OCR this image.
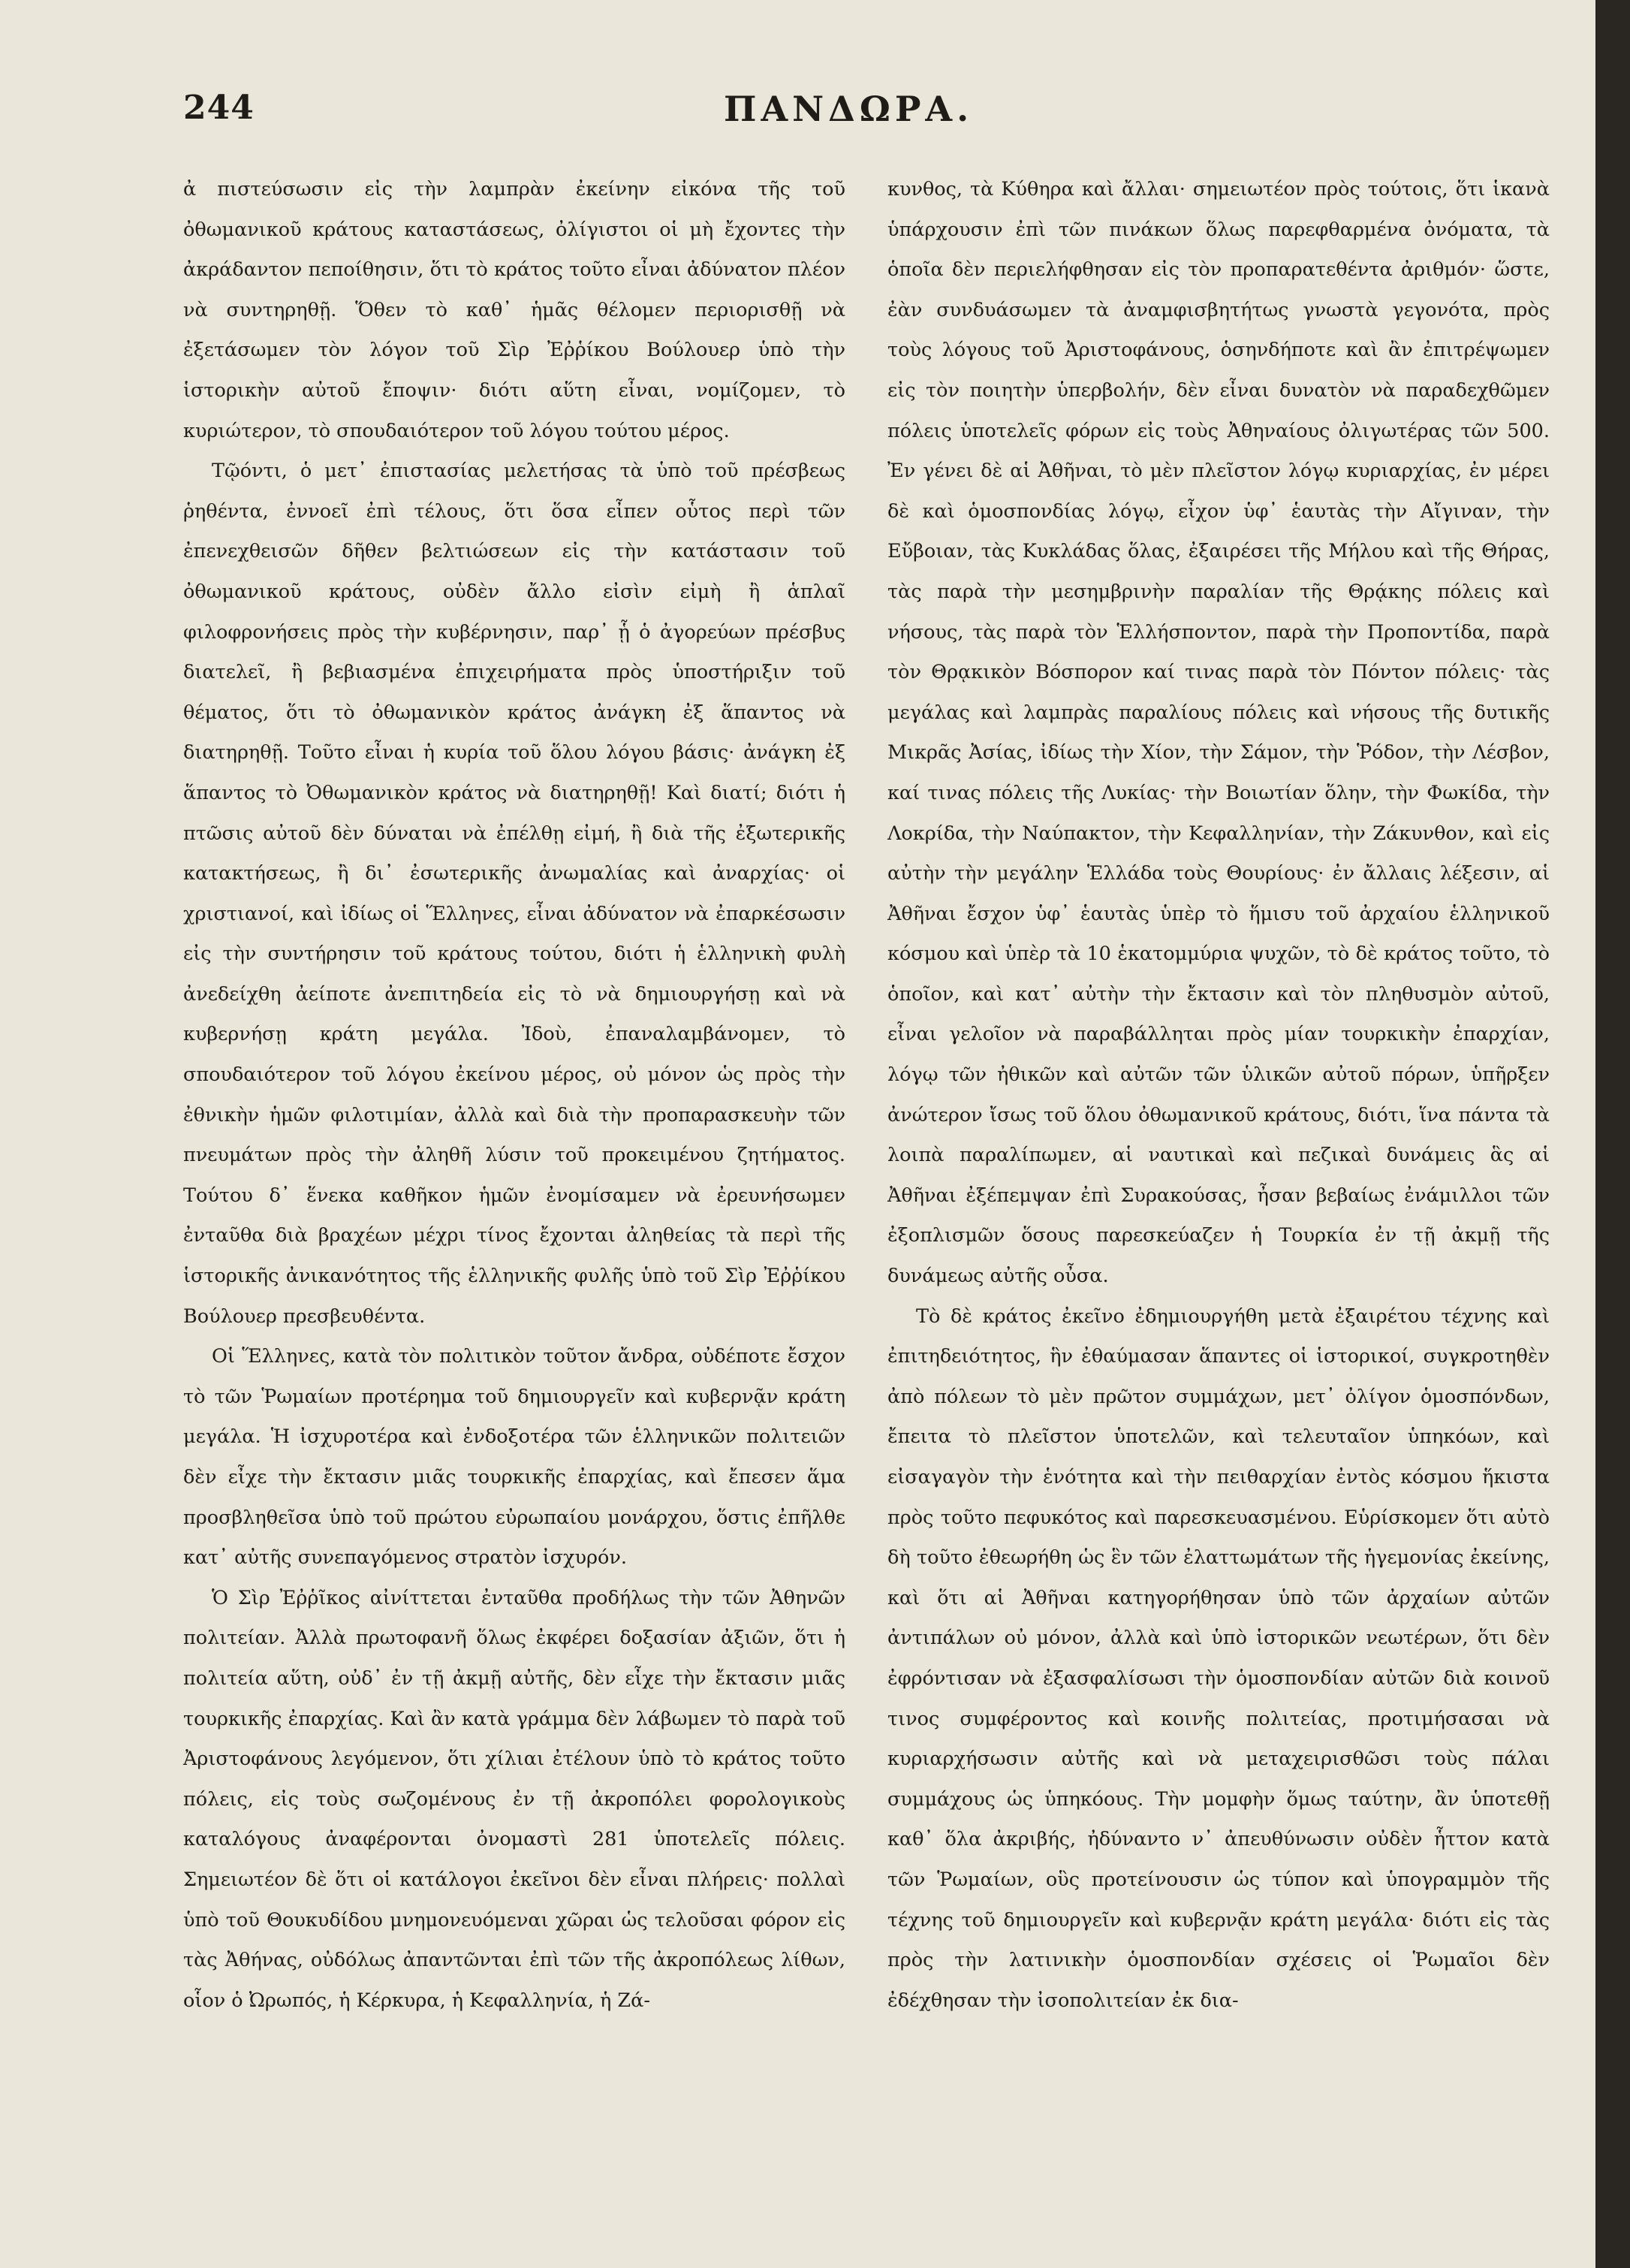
244	ΠΑΝΔΩΡΑ.

ἀ πιστεύσωσιν εἰς τὴν λαμπρὰν ἐκείνην εἰκόνα τῆς τοῦ ὀθωμανικοῦ κράτους καταστάσεως, ὀλίγιστοι οἱ μὴ ἔχοντες τὴν ἀκράδαντον πεποίθησιν, ὅτι τὸ κράτος τοῦτο εἶναι ἀδύνατον πλέον νὰ συντηρηθῇ. Ὅθεν τὸ καθ᾿ ἡμᾶς θέλομεν περιορισθῇ νὰ ἐξετάσωμεν τὸν λόγον τοῦ Σὶρ Ἐῤῥίκου Βούλουερ ὑπὸ τὴν ἱστορικὴν αὐτοῦ ἔποψιν· διότι αὕτη εἶναι, νομίζομεν, τὸ κυριώτερον, τὸ σπουδαιότερον τοῦ λόγου τούτου μέρος.

Τῷόντι, ὁ μετ᾿ ἐπιστασίας μελετήσας τὰ ὑπὸ τοῦ πρέσβεως ῥηθέντα, ἐννοεῖ ἐπὶ τέλους, ὅτι ὅσα εἶπεν οὗτος περὶ τῶν ἐπενεχθεισῶν δῆθεν βελτιώσεων εἰς τὴν κατάστασιν τοῦ ὀθωμανικοῦ κράτους, οὐδὲν ἄλλο εἰσὶν εἰμὴ ἢ ἁπλαῖ φιλοφρονήσεις πρὸς τὴν κυβέρνησιν, παρ᾿ ᾗ ὁ ἀγορεύων πρέσβυς διατελεῖ, ἢ βεβιασμένα ἐπιχειρήματα πρὸς ὑποστήριξιν τοῦ θέματος, ὅτι τὸ ὀθωμανικὸν κράτος ἀνάγκη ἐξ ἅπαντος νὰ διατηρηθῇ. Τοῦτο εἶναι ἡ κυρία τοῦ ὅλου λόγου βάσις· ἀνάγκη ἐξ ἅπαντος τὸ Ὀθωμανικὸν κράτος νὰ διατηρηθῇ! Καὶ διατί; διότι ἡ πτῶσις αὐτοῦ δὲν δύναται νὰ ἐπέλθῃ εἰμή, ἢ διὰ τῆς ἐξωτερικῆς κατακτήσεως, ἢ δι᾿ ἐσωτερικῆς ἀνωμαλίας καὶ ἀναρχίας· οἱ χριστιανοί, καὶ ἰδίως οἱ Ἕλληνες, εἶναι ἀδύνατον νὰ ἐπαρκέσωσιν εἰς τὴν συντήρησιν τοῦ κράτους τούτου, διότι ἡ ἑλληνικὴ φυλὴ ἀνεδείχθη ἀείποτε ἀνεπιτηδεία εἰς τὸ νὰ δημιουργήσῃ καὶ νὰ κυβερνήσῃ κράτη μεγάλα. Ἰδοὺ, ἐπαναλαμβάνομεν, τὸ σπουδαιότερον τοῦ λόγου ἐκείνου μέρος, οὐ μόνον ὡς πρὸς τὴν ἐθνικὴν ἡμῶν φιλοτιμίαν, ἀλλὰ καὶ διὰ τὴν προπαρασκευὴν τῶν πνευμάτων πρὸς τὴν ἀληθῆ λύσιν τοῦ προκειμένου ζητήματος. Τούτου δ᾿ ἕνεκα καθῆκον ἡμῶν ἐνομίσαμεν νὰ ἐρευνήσωμεν ἐνταῦθα διὰ βραχέων μέχρι τίνος ἔχονται ἀληθείας τὰ περὶ τῆς ἱστορικῆς ἀνικανότητος τῆς ἑλληνικῆς φυλῆς ὑπὸ τοῦ Σὶρ Ἐῤῥίκου Βούλουερ πρεσβευθέντα.

Οἱ Ἕλληνες, κατὰ τὸν πολιτικὸν τοῦτον ἄνδρα, οὐδέποτε ἔσχον τὸ τῶν Ῥωμαίων προτέρημα τοῦ δημιουργεῖν καὶ κυβερνᾷν κράτη μεγάλα. Ἡ ἰσχυροτέρα καὶ ἐνδοξοτέρα τῶν ἑλληνικῶν πολιτειῶν δὲν εἶχε τὴν ἔκτασιν μιᾶς τουρκικῆς ἐπαρχίας, καὶ ἔπεσεν ἅμα προσβληθεῖσα ὑπὸ τοῦ πρώτου εὐρωπαίου μονάρχου, ὅστις ἐπῆλθε κατ᾿ αὐτῆς συνεπαγόμενος στρατὸν ἰσχυρόν.

Ὁ Σὶρ Ἐῤῥῖκος αἰνίττεται ἐνταῦθα προδήλως τὴν τῶν Ἀθηνῶν πολιτείαν. Ἀλλὰ πρωτοφανῆ ὅλως ἐκφέρει δοξασίαν ἀξιῶν, ὅτι ἡ πολιτεία αὕτη, οὐδ᾿ ἐν τῇ ἀκμῇ αὐτῆς, δὲν εἶχε τὴν ἔκτασιν μιᾶς τουρκικῆς ἐπαρχίας. Καὶ ἂν κατὰ γράμμα δὲν λάβωμεν τὸ παρὰ τοῦ Ἀριστοφάνους λεγόμενον, ὅτι χίλιαι ἐτέλουν ὑπὸ τὸ κράτος τοῦτο πόλεις, εἰς τοὺς σωζομένους ἐν τῇ ἀκροπόλει φορολογικοὺς καταλόγους ἀναφέρονται ὀνομαστὶ 281 ὑποτελεῖς πόλεις. Σημειωτέον δὲ ὅτι οἱ κατάλογοι ἐκεῖνοι δὲν εἶναι πλήρεις· πολλαὶ ὑπὸ τοῦ Θουκυδίδου μνημονευόμεναι χῶραι ὡς τελοῦσαι φόρον εἰς τὰς Ἀθήνας, οὐδόλως ἀπαντῶνται ἐπὶ τῶν τῆς ἀκροπόλεως λίθων, οἷον ὁ Ὠρωπός, ἡ Κέρκυρα, ἡ Κεφαλληνία, ἡ Ζά-

κυνθος, τὰ Κύθηρα καὶ ἄλλαι· σημειωτέον πρὸς τούτοις, ὅτι ἱκανὰ ὑπάρχουσιν ἐπὶ τῶν πινάκων ὅλως παρεφθαρμένα ὀνόματα, τὰ ὁποῖα δὲν περιελήφθησαν εἰς τὸν προπαρατεθέντα ἀριθμόν· ὥστε, ἐὰν συνδυάσωμεν τὰ ἀναμφισβητήτως γνωστὰ γεγονότα, πρὸς τοὺς λόγους τοῦ Ἀριστοφάνους, ὁσηνδήποτε καὶ ἂν ἐπιτρέψωμεν εἰς τὸν ποιητὴν ὑπερβολήν, δὲν εἶναι δυνατὸν νὰ παραδεχθῶμεν πόλεις ὑποτελεῖς φόρων εἰς τοὺς Ἀθηναίους ὀλιγωτέρας τῶν 500. Ἐν γένει δὲ αἱ Ἀθῆναι, τὸ μὲν πλεῖστον λόγῳ κυριαρχίας, ἐν μέρει δὲ καὶ ὁμοσπονδίας λόγῳ, εἶχον ὑφ᾿ ἑαυτὰς τὴν Αἴγιναν, τὴν Εὔβοιαν, τὰς Κυκλάδας ὅλας, ἐξαιρέσει τῆς Μήλου καὶ τῆς Θήρας, τὰς παρὰ τὴν μεσημβρινὴν παραλίαν τῆς Θρᾴκης πόλεις καὶ νήσους, τὰς παρὰ τὸν Ἑλλήσποντον, παρὰ τὴν Προποντίδα, παρὰ τὸν Θρᾳκικὸν Βόσπορον καί τινας παρὰ τὸν Πόντον πόλεις· τὰς μεγάλας καὶ λαμπρὰς παραλίους πόλεις καὶ νήσους τῆς δυτικῆς Μικρᾶς Ἀσίας, ἰδίως τὴν Χίον, τὴν Σάμον, τὴν Ῥόδον, τὴν Λέσβον, καί τινας πόλεις τῆς Λυκίας· τὴν Βοιωτίαν ὅλην, τὴν Φωκίδα, τὴν Λοκρίδα, τὴν Ναύπακτον, τὴν Κεφαλληνίαν, τὴν Ζάκυνθον, καὶ εἰς αὐτὴν τὴν μεγάλην Ἑλλάδα τοὺς Θουρίους· ἐν ἄλλαις λέξεσιν, αἱ Ἀθῆναι ἔσχον ὑφ᾿ ἑαυτὰς ὑπὲρ τὸ ἥμισυ τοῦ ἀρχαίου ἑλληνικοῦ κόσμου καὶ ὑπὲρ τὰ 10 ἑκατομμύρια ψυχῶν, τὸ δὲ κράτος τοῦτο, τὸ ὁποῖον, καὶ κατ᾿ αὐτὴν τὴν ἔκτασιν καὶ τὸν πληθυσμὸν αὐτοῦ, εἶναι γελοῖον νὰ παραβάλληται πρὸς μίαν τουρκικὴν ἐπαρχίαν, λόγῳ τῶν ἠθικῶν καὶ αὐτῶν τῶν ὑλικῶν αὐτοῦ πόρων, ὑπῆρξεν ἀνώτερον ἴσως τοῦ ὅλου ὀθωμανικοῦ κράτους, διότι, ἵνα πάντα τὰ λοιπὰ παραλίπωμεν, αἱ ναυτικαὶ καὶ πεζικαὶ δυνάμεις ἃς αἱ Ἀθῆναι ἐξέπεμψαν ἐπὶ Συρακούσας, ἦσαν βεβαίως ἐνάμιλλοι τῶν ἐξοπλισμῶν ὅσους παρεσκεύαζεν ἡ Τουρκία ἐν τῇ ἀκμῇ τῆς δυνάμεως αὐτῆς οὖσα.

Τὸ δὲ κράτος ἐκεῖνο ἐδημιουργήθη μετὰ ἐξαιρέτου τέχνης καὶ ἐπιτηδειότητος, ἣν ἐθαύμασαν ἅπαντες οἱ ἱστορικοί, συγκροτηθὲν ἀπὸ πόλεων τὸ μὲν πρῶτον συμμάχων, μετ᾿ ὀλίγον ὁμοσπόνδων, ἔπειτα τὸ πλεῖστον ὑποτελῶν, καὶ τελευταῖον ὑπηκόων, καὶ εἰσαγαγὸν τὴν ἑνότητα καὶ τὴν πειθαρχίαν ἐντὸς κόσμου ἥκιστα πρὸς τοῦτο πεφυκότος καὶ παρεσκευασμένου. Εὑρίσκομεν ὅτι αὐτὸ δὴ τοῦτο ἐθεωρήθη ὡς ἓν τῶν ἐλαττωμάτων τῆς ἡγεμονίας ἐκείνης, καὶ ὅτι αἱ Ἀθῆναι κατηγορήθησαν ὑπὸ τῶν ἀρχαίων αὐτῶν ἀντιπάλων οὐ μόνον, ἀλλὰ καὶ ὑπὸ ἱστορικῶν νεωτέρων, ὅτι δὲν ἐφρόντισαν νὰ ἐξασφαλίσωσι τὴν ὁμοσπονδίαν αὐτῶν διὰ κοινοῦ τινος συμφέροντος καὶ κοινῆς πολιτείας, προτιμήσασαι νὰ κυριαρχήσωσιν αὐτῆς καὶ νὰ μεταχειρισθῶσι τοὺς πάλαι συμμάχους ὡς ὑπηκόους. Τὴν μομφὴν ὅμως ταύτην, ἂν ὑποτεθῇ καθ᾿ ὅλα ἀκριβής, ἠδύναντο ν᾿ ἀπευθύνωσιν οὐδὲν ἧττον κατὰ τῶν Ῥωμαίων, οὓς προτείνουσιν ὡς τύπον καὶ ὑπογραμμὸν τῆς τέχνης τοῦ δημιουργεῖν καὶ κυβερνᾷν κράτη μεγάλα· διότι εἰς τὰς πρὸς τὴν λατινικὴν ὁμοσπονδίαν σχέσεις οἱ Ῥωμαῖοι δὲν ἐδέχθησαν τὴν ἰσοπολιτείαν ἐκ δια-
